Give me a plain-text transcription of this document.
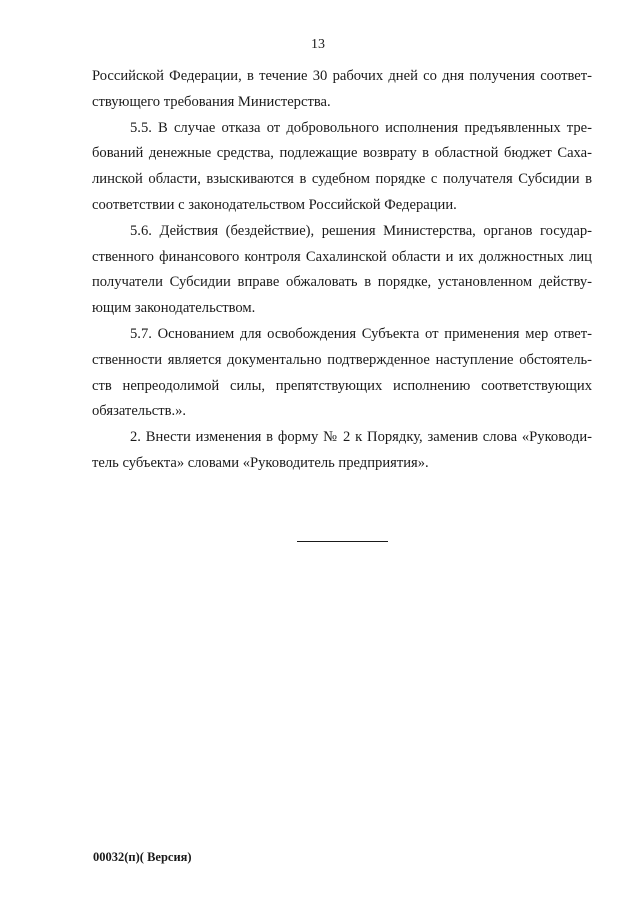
13
Российской Федерации, в течение 30 рабочих дней со дня получения соответ-
ствующего требования Министерства.
5.5. В случае отказа от добровольного исполнения предъявленных тре-
бований денежные средства, подлежащие возврату в областной бюджет Саха-
линской области, взыскиваются в судебном порядке с получателя Субсидии в
соответствии с законодательством Российской Федерации.
5.6. Действия (бездействие), решения Министерства, органов государ-
ственного финансового контроля Сахалинской области и их должностных лиц
получатели Субсидии вправе обжаловать в порядке, установленном действу-
ющим законодательством.
5.7. Основанием для освобождения Субъекта от применения мер ответ-
ственности является документально подтвержденное наступление обстоятель-
ств непреодолимой силы, препятствующих исполнению соответствующих
обязательств.».
2. Внести изменения в форму № 2 к Порядку, заменив слова «Руководи-
тель субъекта» словами «Руководитель предприятия».
00032(п)( Версия)
